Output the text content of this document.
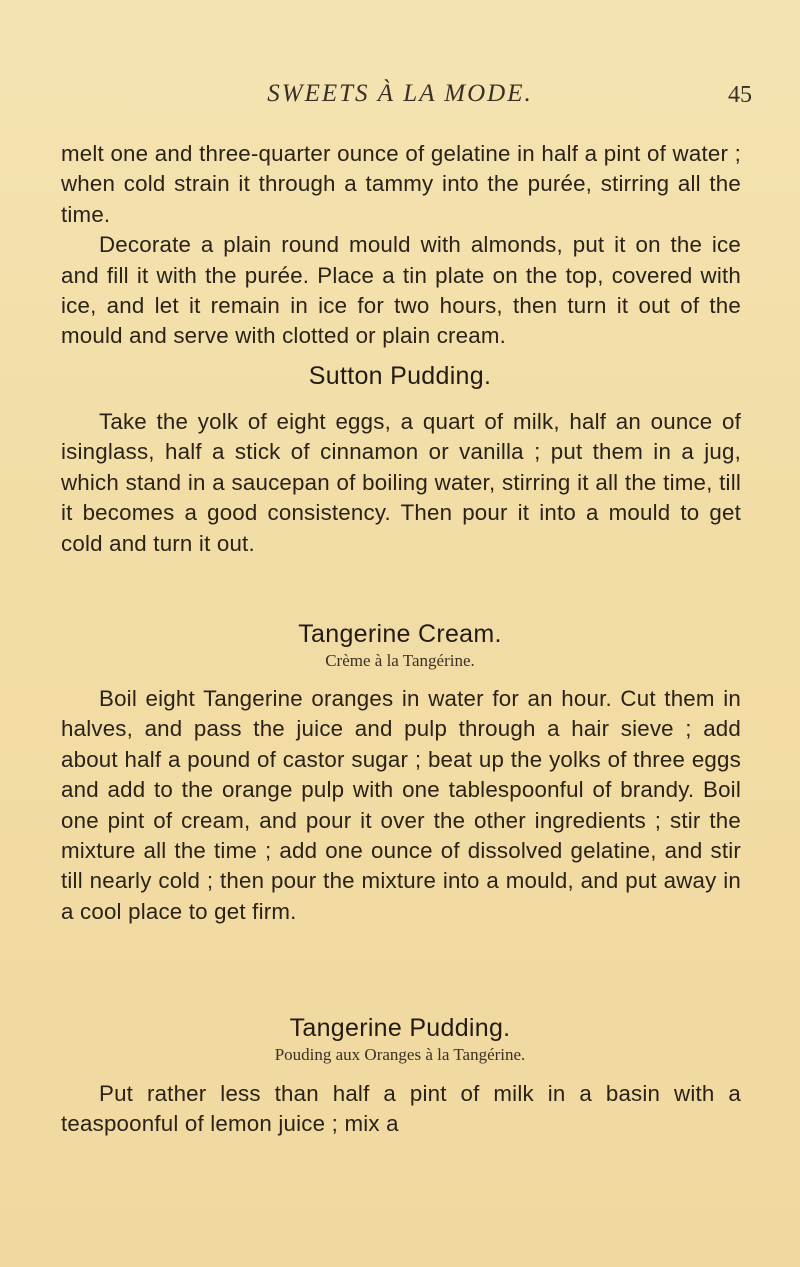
SWEETS À LA MODE.	45

melt one and three-quarter ounce of gelatine in half a pint of water ; when cold strain it through a tammy into the purée, stirring all the time.

Decorate a plain round mould with almonds, put it on the ice and fill it with the purée. Place a tin plate on the top, covered with ice, and let it remain in ice for two hours, then turn it out of the mould and serve with clotted or plain cream.

Sutton Pudding.

Take the yolk of eight eggs, a quart of milk, half an ounce of isinglass, half a stick of cinnamon or vanilla ; put them in a jug, which stand in a saucepan of boiling water, stirring it all the time, till it becomes a good consistency. Then pour it into a mould to get cold and turn it out.

Tangerine Cream.
Crème à la Tangérine.

Boil eight Tangerine oranges in water for an hour. Cut them in halves, and pass the juice and pulp through a hair sieve ; add about half a pound of castor sugar ; beat up the yolks of three eggs and add to the orange pulp with one tablespoonful of brandy. Boil one pint of cream, and pour it over the other ingredients ; stir the mixture all the time ; add one ounce of dissolved gelatine, and stir till nearly cold ; then pour the mixture into a mould, and put away in a cool place to get firm.

Tangerine Pudding.
Pouding aux Oranges à la Tangérine.

Put rather less than half a pint of milk in a basin with a teaspoonful of lemon juice ; mix a
